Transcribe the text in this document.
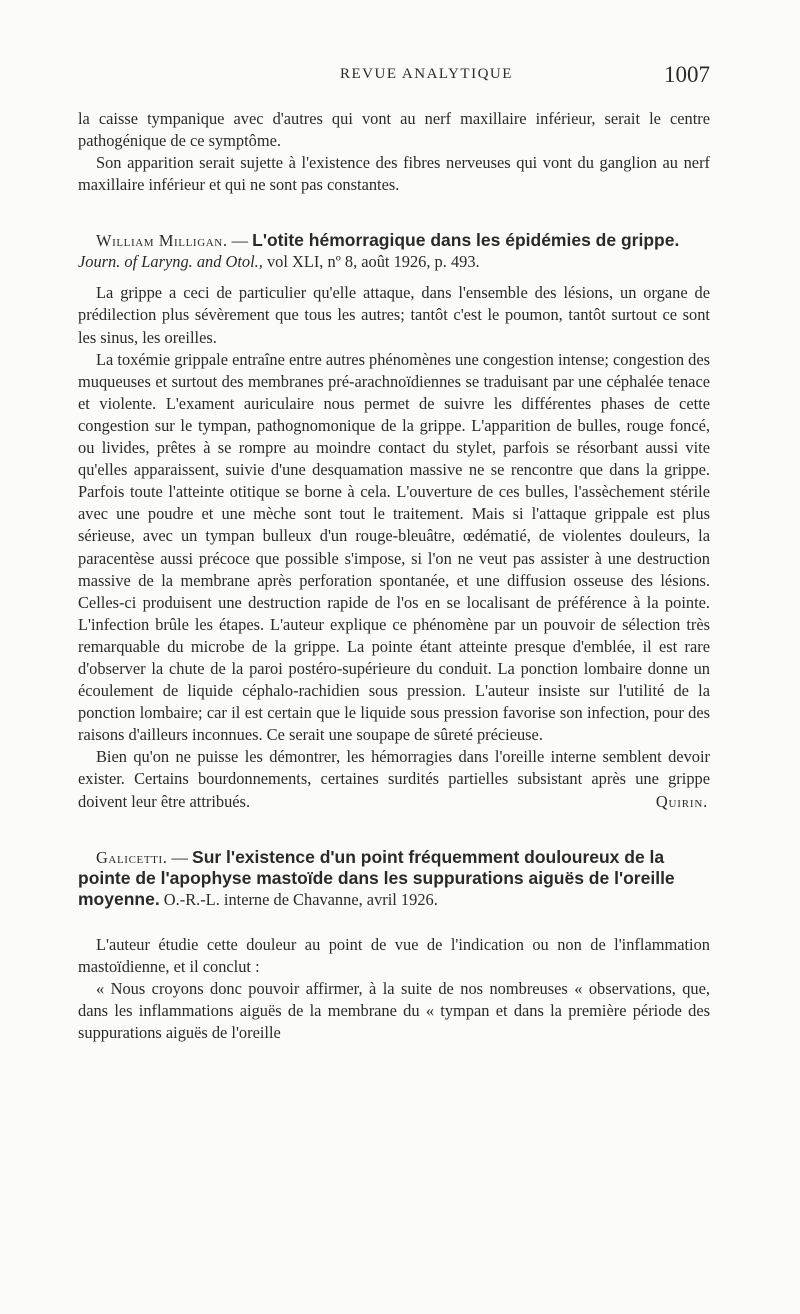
REVUE ANALYTIQUE	1007

la caisse tympanique avec d'autres qui vont au nerf maxillaire inférieur, serait le centre pathogénique de ce symptôme.

Son apparition serait sujette à l'existence des fibres nerveuses qui vont du ganglion au nerf maxillaire inférieur et qui ne sont pas constantes.

William Milligan. — L'otite hémorragique dans les épidémies de grippe. Journ. of Laryng. and Otol., vol XLI, nº 8, août 1926, p. 493.

La grippe a ceci de particulier qu'elle attaque, dans l'ensemble des lésions, un organe de prédilection plus sévèrement que tous les autres; tantôt c'est le poumon, tantôt surtout ce sont les sinus, les oreilles.

La toxémie grippale entraîne entre autres phénomènes une congestion intense; congestion des muqueuses et surtout des membranes pré-arachnoïdiennes se traduisant par une céphalée tenace et violente. L'exament auriculaire nous permet de suivre les différentes phases de cette congestion sur le tympan, pathognomonique de la grippe. L'apparition de bulles, rouge foncé, ou livides, prêtes à se rompre au moindre contact du stylet, parfois se résorbant aussi vite qu'elles apparaissent, suivie d'une desquamation massive ne se rencontre que dans la grippe. Parfois toute l'atteinte otitique se borne à cela. L'ouverture de ces bulles, l'assèchement stérile avec une poudre et une mèche sont tout le traitement. Mais si l'attaque grippale est plus sérieuse, avec un tympan bulleux d'un rouge-bleuâtre, œdématié, de violentes douleurs, la paracentèse aussi précoce que possible s'impose, si l'on ne veut pas assister à une destruction massive de la membrane après perforation spontanée, et une diffusion osseuse des lésions. Celles-ci produisent une destruction rapide de l'os en se localisant de préférence à la pointe. L'infection brûle les étapes. L'auteur explique ce phénomène par un pouvoir de sélection très remarquable du microbe de la grippe. La pointe étant atteinte presque d'emblée, il est rare d'observer la chute de la paroi postéro-supérieure du conduit. La ponction lombaire donne un écoulement de liquide céphalo-rachidien sous pression. L'auteur insiste sur l'utilité de la ponction lombaire; car il est certain que le liquide sous pression favorise son infection, pour des raisons d'ailleurs inconnues. Ce serait une soupape de sûreté précieuse.

Bien qu'on ne puisse les démontrer, les hémorragies dans l'oreille interne semblent devoir exister. Certains bourdonnements, certaines surdités partielles subsistant après une grippe doivent leur être attribués.	Quirin.

Galicetti. — Sur l'existence d'un point fréquemment douloureux de la pointe de l'apophyse mastoïde dans les suppurations aiguës de l'oreille moyenne. O.-R.-L. interne de Chavanne, avril 1926.

L'auteur étudie cette douleur au point de vue de l'indication ou non de l'inflammation mastoïdienne, et il conclut :

« Nous croyons donc pouvoir affirmer, à la suite de nos nombreuses « observations, que, dans les inflammations aiguës de la membrane du « tympan et dans la première période des suppurations aiguës de l'oreille
